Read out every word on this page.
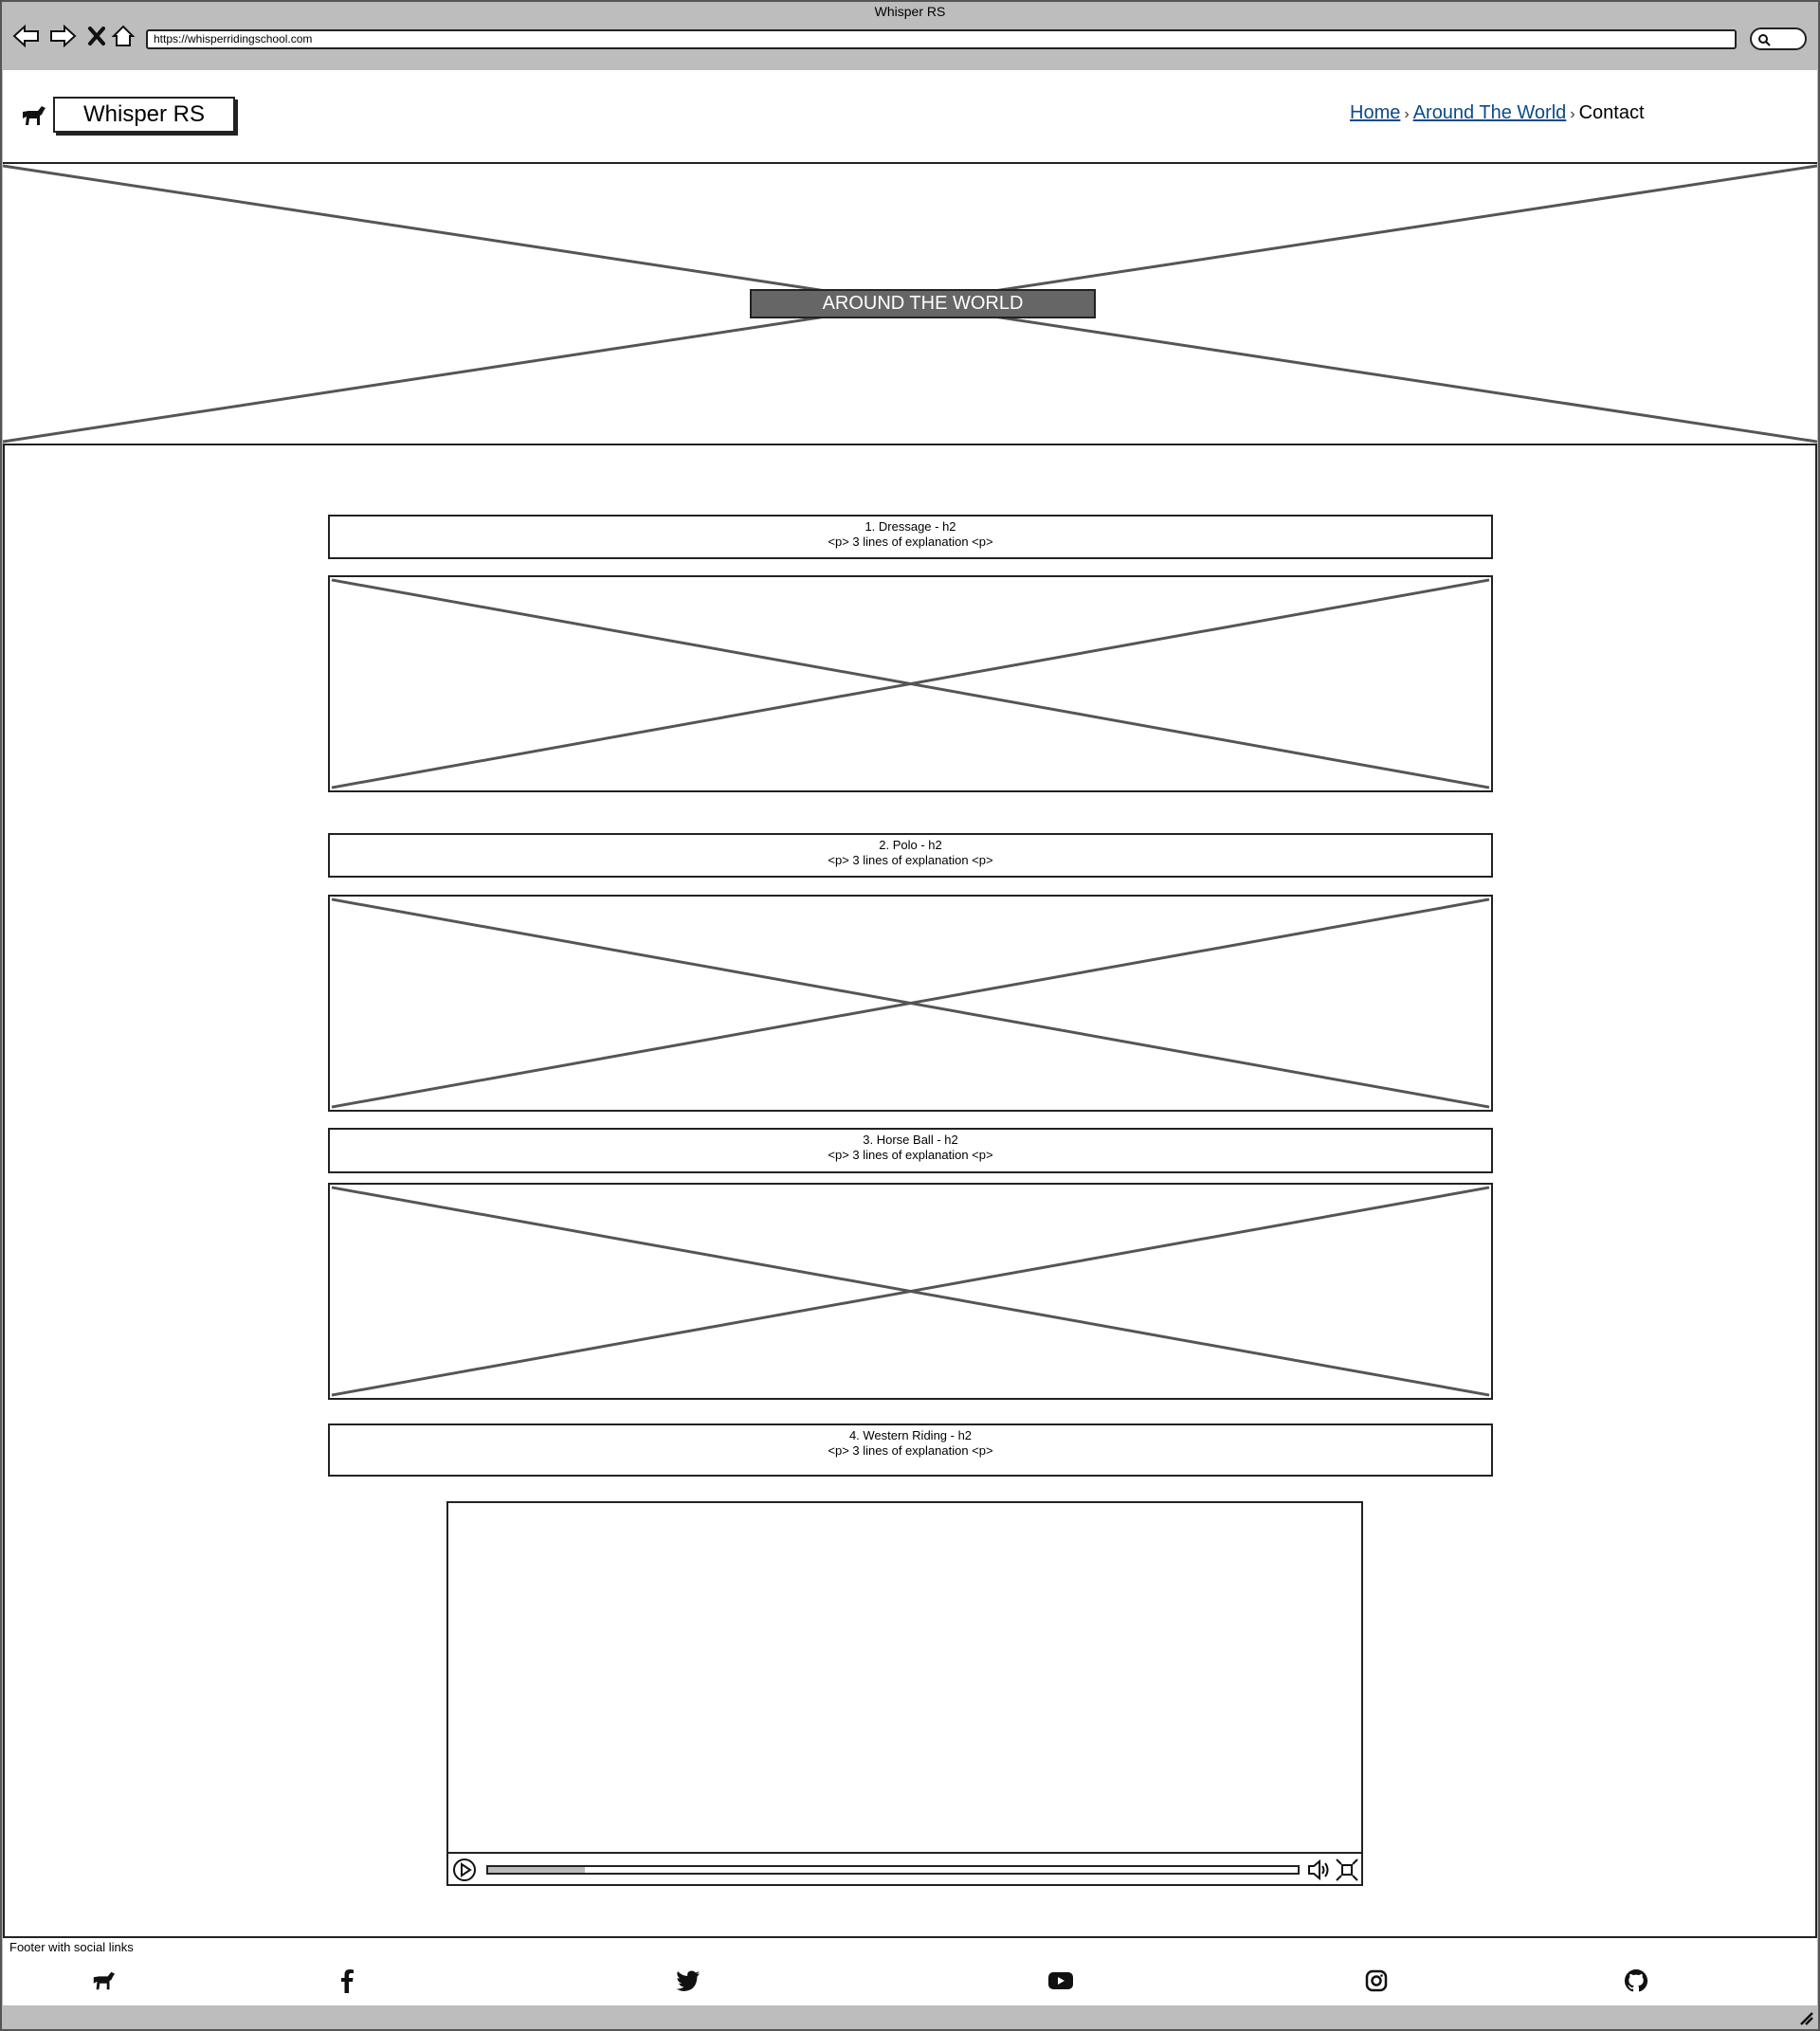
Whisper RS
https://whisperridingschool.com
Whisper RS	Home › Around The World › Contact
AROUND THE WORLD
1. Dressage - h2
<p> 3 lines of explanation <p>
2. Polo - h2
<p> 3 lines of explanation <p>
3. Horse Ball - h2
<p> 3 lines of explanation <p>
4. Western Riding - h2
<p> 3 lines of explanation <p>
Footer with social links
